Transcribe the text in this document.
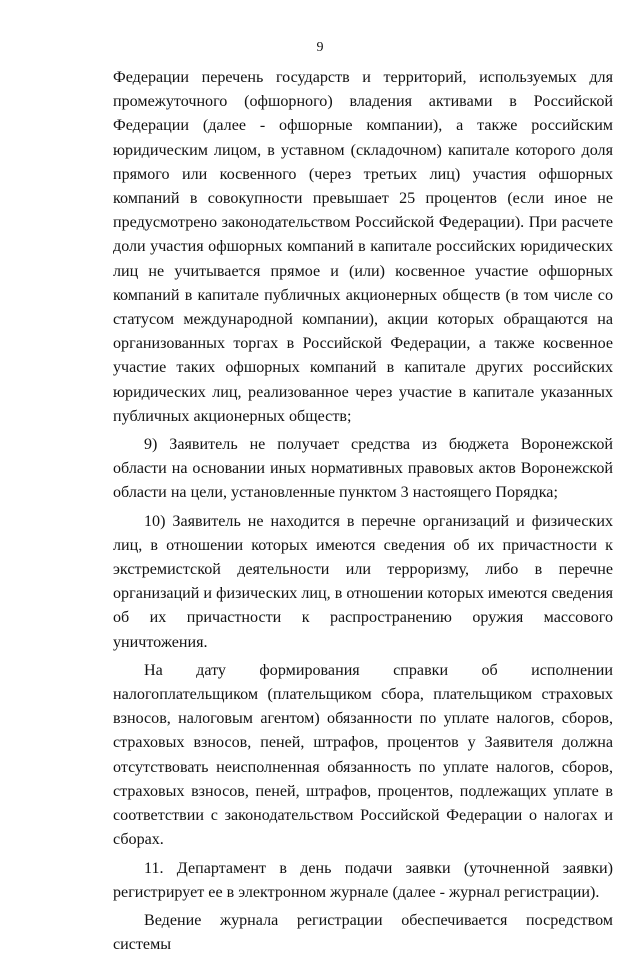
9

Федерации перечень государств и территорий, используемых для промежуточного (офшорного) владения активами в Российской Федерации (далее - офшорные компании), а также российским юридическим лицом, в уставном (складочном) капитале которого доля прямого или косвенного (через третьих лиц) участия офшорных компаний в совокупности превышает 25 процентов (если иное не предусмотрено законодательством Российской Федерации). При расчете доли участия офшорных компаний в капитале российских юридических лиц не учитывается прямое и (или) косвенное участие офшорных компаний в капитале публичных акционерных обществ (в том числе со статусом международной компании), акции которых обращаются на организованных торгах в Российской Федерации, а также косвенное участие таких офшорных компаний в капитале других российских юридических лиц, реализованное через участие в капитале указанных публичных акционерных обществ;

9) Заявитель не получает средства из бюджета Воронежской области на основании иных нормативных правовых актов Воронежской области на цели, установленные пунктом 3 настоящего Порядка;

10) Заявитель не находится в перечне организаций и физических лиц, в отношении которых имеются сведения об их причастности к экстремистской деятельности или терроризму, либо в перечне организаций и физических лиц, в отношении которых имеются сведения об их причастности к распространению оружия массового уничтожения.

На дату формирования справки об исполнении налогоплательщиком (плательщиком сбора, плательщиком страховых взносов, налоговым агентом) обязанности по уплате налогов, сборов, страховых взносов, пеней, штрафов, процентов у Заявителя должна отсутствовать неисполненная обязанность по уплате налогов, сборов, страховых взносов, пеней, штрафов, процентов, подлежащих уплате в соответствии с законодательством Российской Федерации о налогах и сборах.

11. Департамент в день подачи заявки (уточненной заявки) регистрирует ее в электронном журнале (далее - журнал регистрации).

Ведение журнала регистрации обеспечивается посредством системы
